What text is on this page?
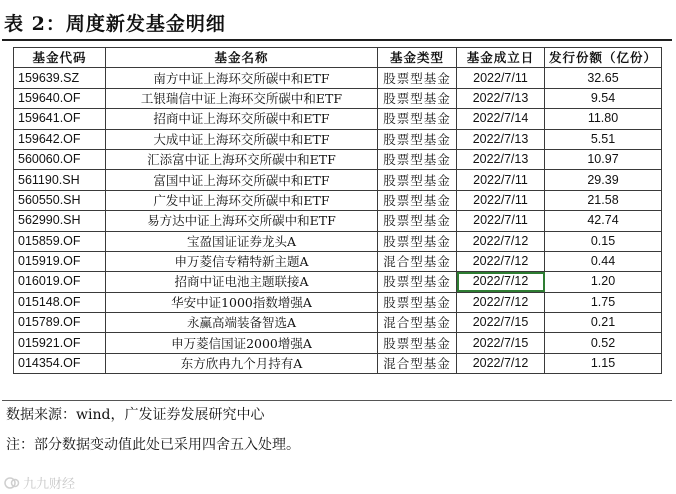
表 2：周度新发基金明细
基金代码	基金名称	基金类型	基金成立日	发行份额（亿份）
159639.SZ	南方中证上海环交所碳中和ETF	股票型基金	2022/7/11	32.65
159640.OF	工银瑞信中证上海环交所碳中和ETF	股票型基金	2022/7/13	9.54
159641.OF	招商中证上海环交所碳中和ETF	股票型基金	2022/7/14	11.80
159642.OF	大成中证上海环交所碳中和ETF	股票型基金	2022/7/13	5.51
560060.OF	汇添富中证上海环交所碳中和ETF	股票型基金	2022/7/13	10.97
561190.SH	富国中证上海环交所碳中和ETF	股票型基金	2022/7/11	29.39
560550.SH	广发中证上海环交所碳中和ETF	股票型基金	2022/7/11	21.58
562990.SH	易方达中证上海环交所碳中和ETF	股票型基金	2022/7/11	42.74
015859.OF	宝盈国证证券龙头A	股票型基金	2022/7/12	0.15
015919.OF	申万菱信专精特新主题A	混合型基金	2022/7/12	0.44
016019.OF	招商中证电池主题联接A	股票型基金	2022/7/12	1.20
015148.OF	华安中证1000指数增强A	股票型基金	2022/7/12	1.75
015789.OF	永赢高端装备智选A	混合型基金	2022/7/15	0.21
015921.OF	申万菱信国证2000增强A	股票型基金	2022/7/15	0.52
014354.OF	东方欣冉九个月持有A	混合型基金	2022/7/12	1.15
数据来源：wind，广发证券发展研究中心
注：部分数据变动值此处已采用四舍五入处理。
九九财经
